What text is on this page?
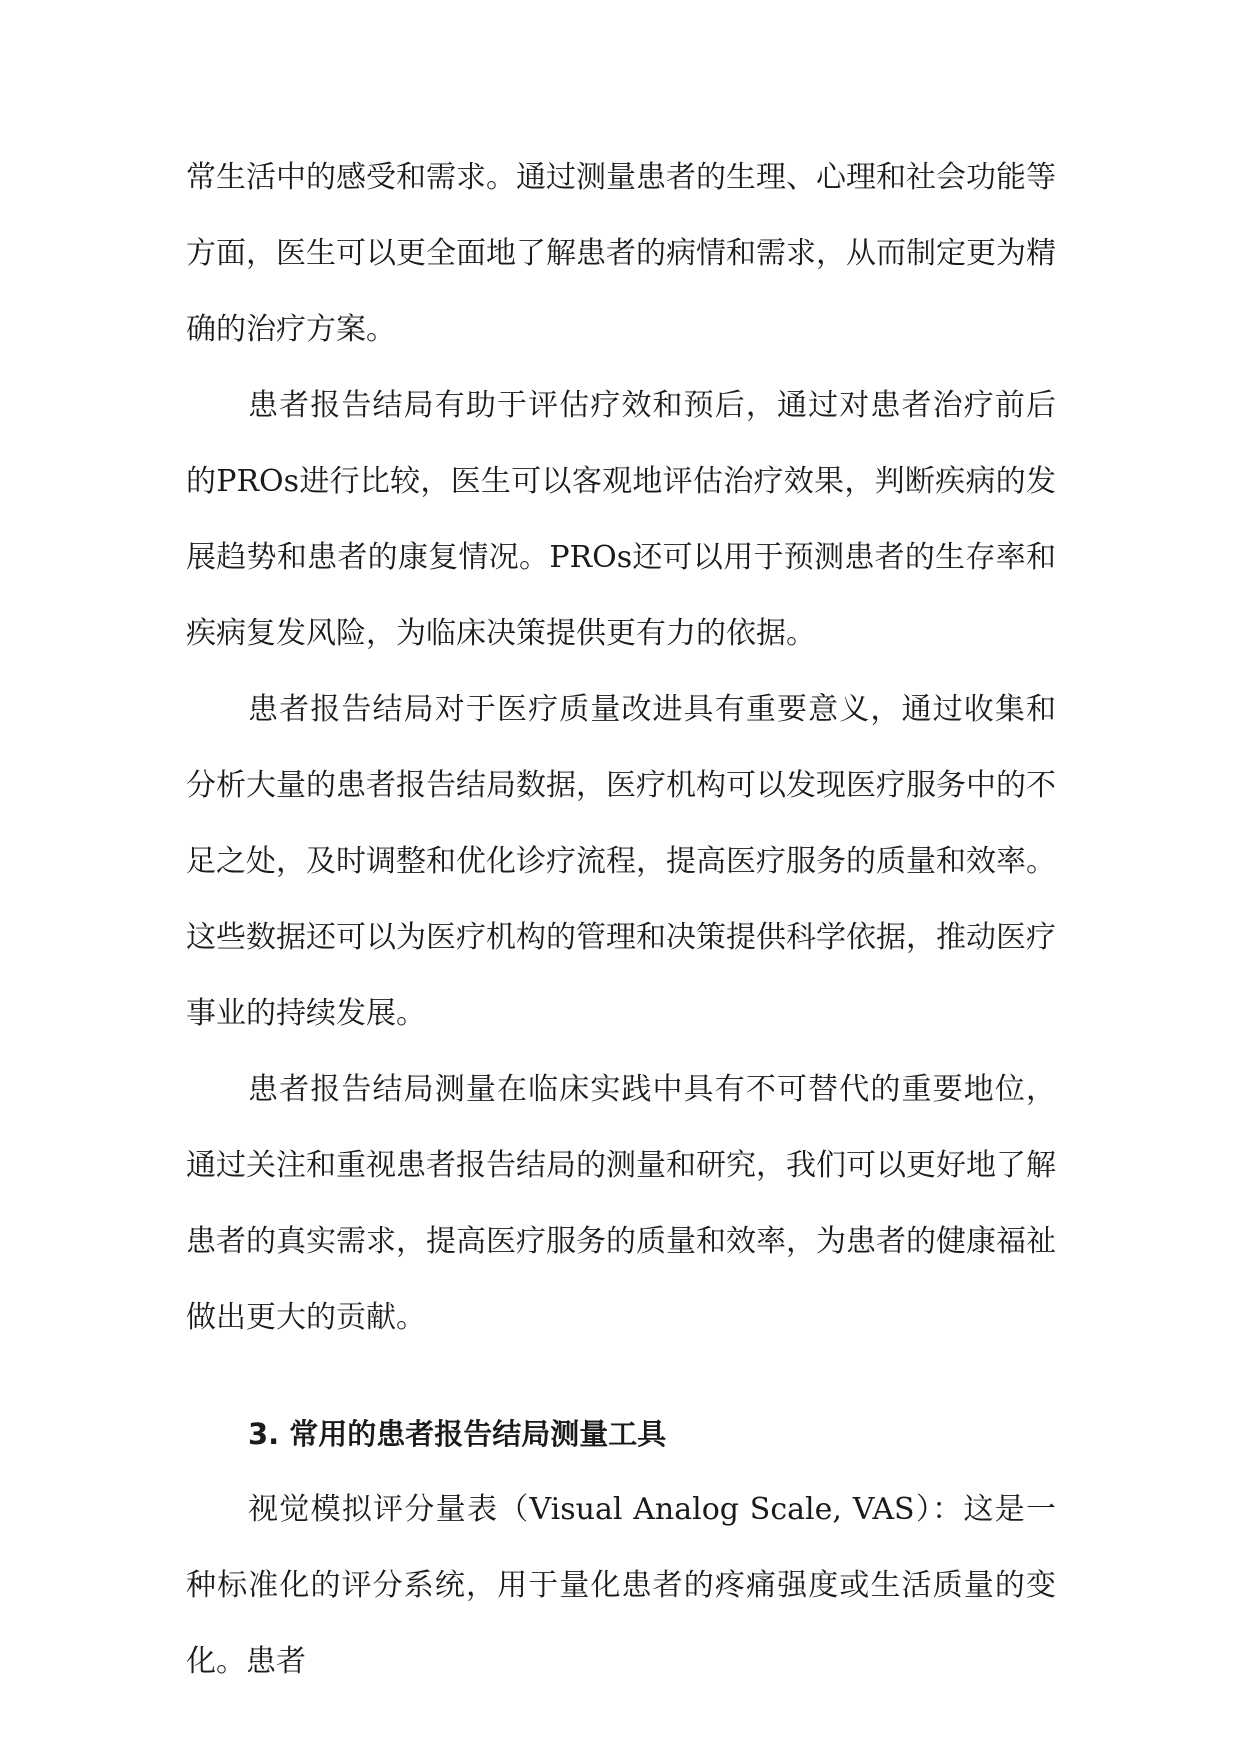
常生活中的感受和需求。通过测量患者的生理、心理和社会功能等方面，医生可以更全面地了解患者的病情和需求，从而制定更为精确的治疗方案。

患者报告结局有助于评估疗效和预后，通过对患者治疗前后的PROs进行比较，医生可以客观地评估治疗效果，判断疾病的发展趋势和患者的康复情况。PROs还可以用于预测患者的生存率和疾病复发风险，为临床决策提供更有力的依据。

患者报告结局对于医疗质量改进具有重要意义，通过收集和分析大量的患者报告结局数据，医疗机构可以发现医疗服务中的不足之处，及时调整和优化诊疗流程，提高医疗服务的质量和效率。这些数据还可以为医疗机构的管理和决策提供科学依据，推动医疗事业的持续发展。

患者报告结局测量在临床实践中具有不可替代的重要地位，通过关注和重视患者报告结局的测量和研究，我们可以更好地了解患者的真实需求，提高医疗服务的质量和效率，为患者的健康福祉做出更大的贡献。

3. 常用的患者报告结局测量工具

视觉模拟评分量表（Visual Analog Scale, VAS）：这是一种标准化的评分系统，用于量化患者的疼痛强度或生活质量的变化。患者
